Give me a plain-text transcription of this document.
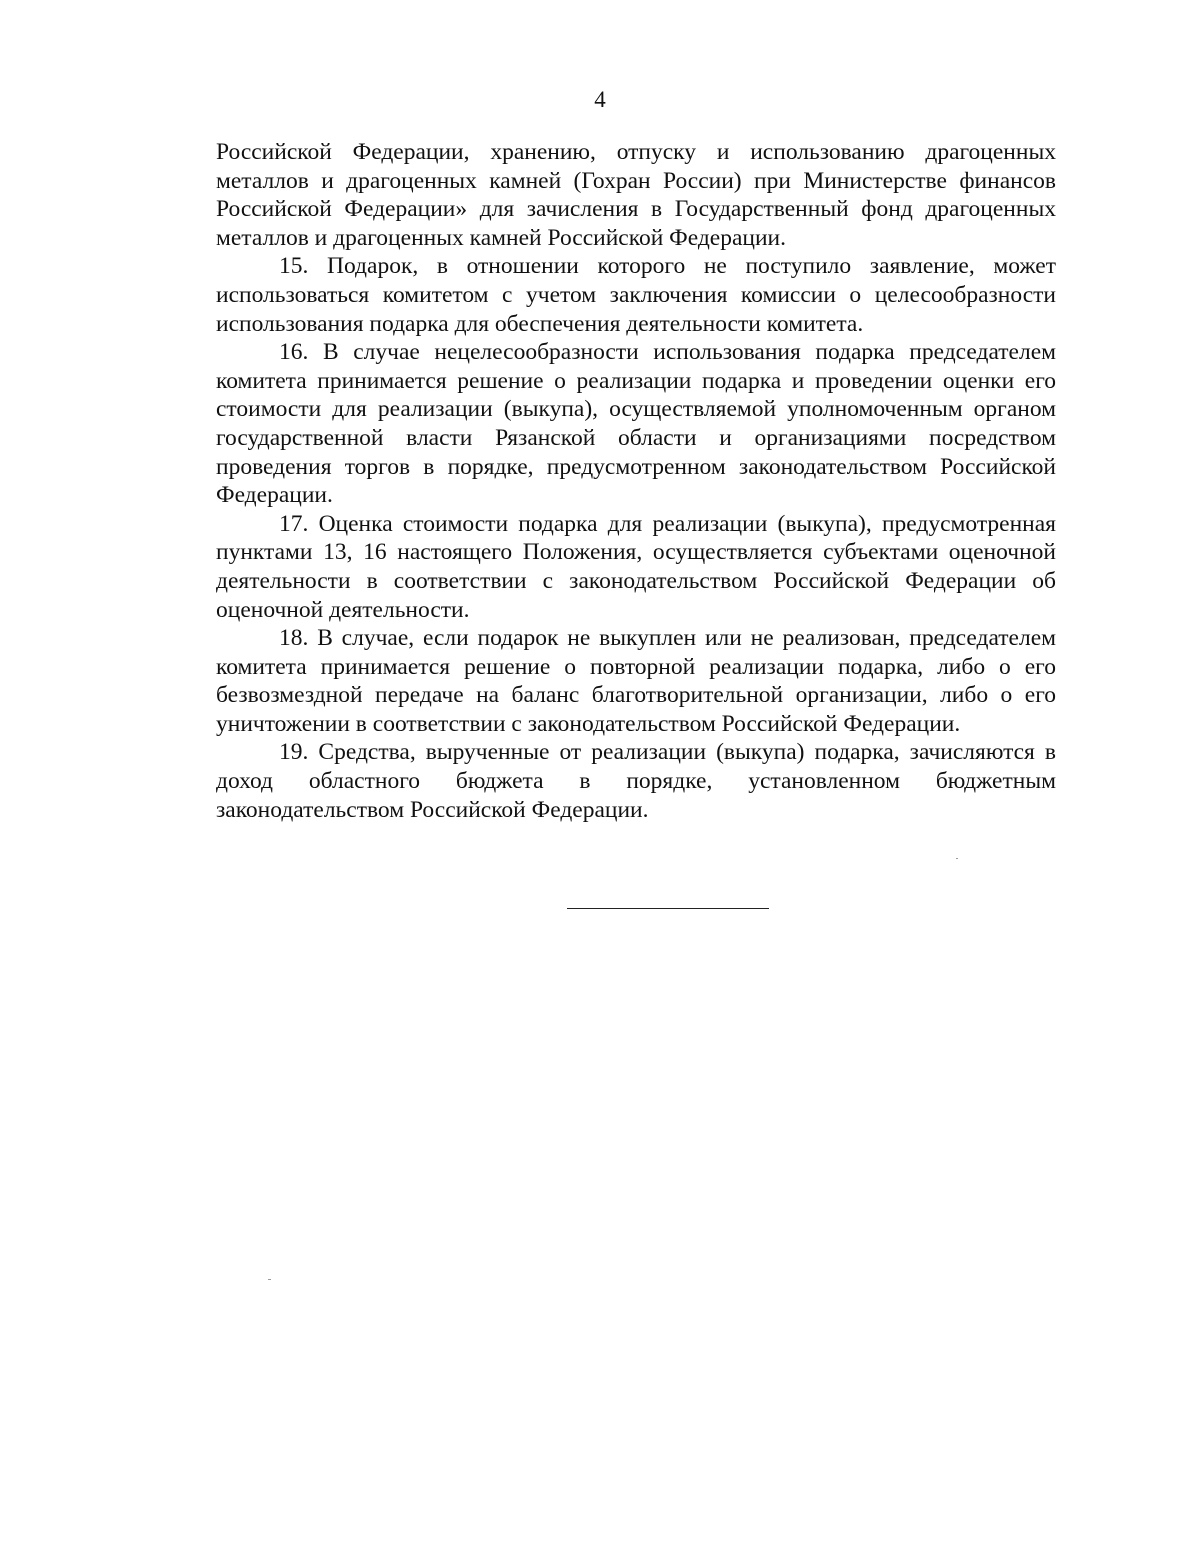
4

Российской Федерации, хранению, отпуску и использованию драгоценных металлов и драгоценных камней (Гохран России) при Министерстве финансов Российской Федерации» для зачисления в Государственный фонд драгоценных металлов и драгоценных камней Российской Федерации.

15. Подарок, в отношении которого не поступило заявление, может использоваться комитетом с учетом заключения комиссии о целесообразности использования подарка для обеспечения деятельности комитета.

16. В случае нецелесообразности использования подарка председателем комитета принимается решение о реализации подарка и проведении оценки его стоимости для реализации (выкупа), осуществляемой уполномоченным органом государственной власти Рязанской области и организациями посредством проведения торгов в порядке, предусмотренном законодательством Российской Федерации.

17. Оценка стоимости подарка для реализации (выкупа), предусмотренная пунктами 13, 16 настоящего Положения, осуществляется субъектами оценочной деятельности в соответствии с законодательством Российской Федерации об оценочной деятельности.

18. В случае, если подарок не выкуплен или не реализован, председателем комитета принимается решение о повторной реализации подарка, либо о его безвозмездной передаче на баланс благотворительной организации, либо о его уничтожении в соответствии с законодательством Российской Федерации.

19. Средства, вырученные от реализации (выкупа) подарка, зачисляются в доход областного бюджета в порядке, установленном бюджетным законодательством Российской Федерации.
